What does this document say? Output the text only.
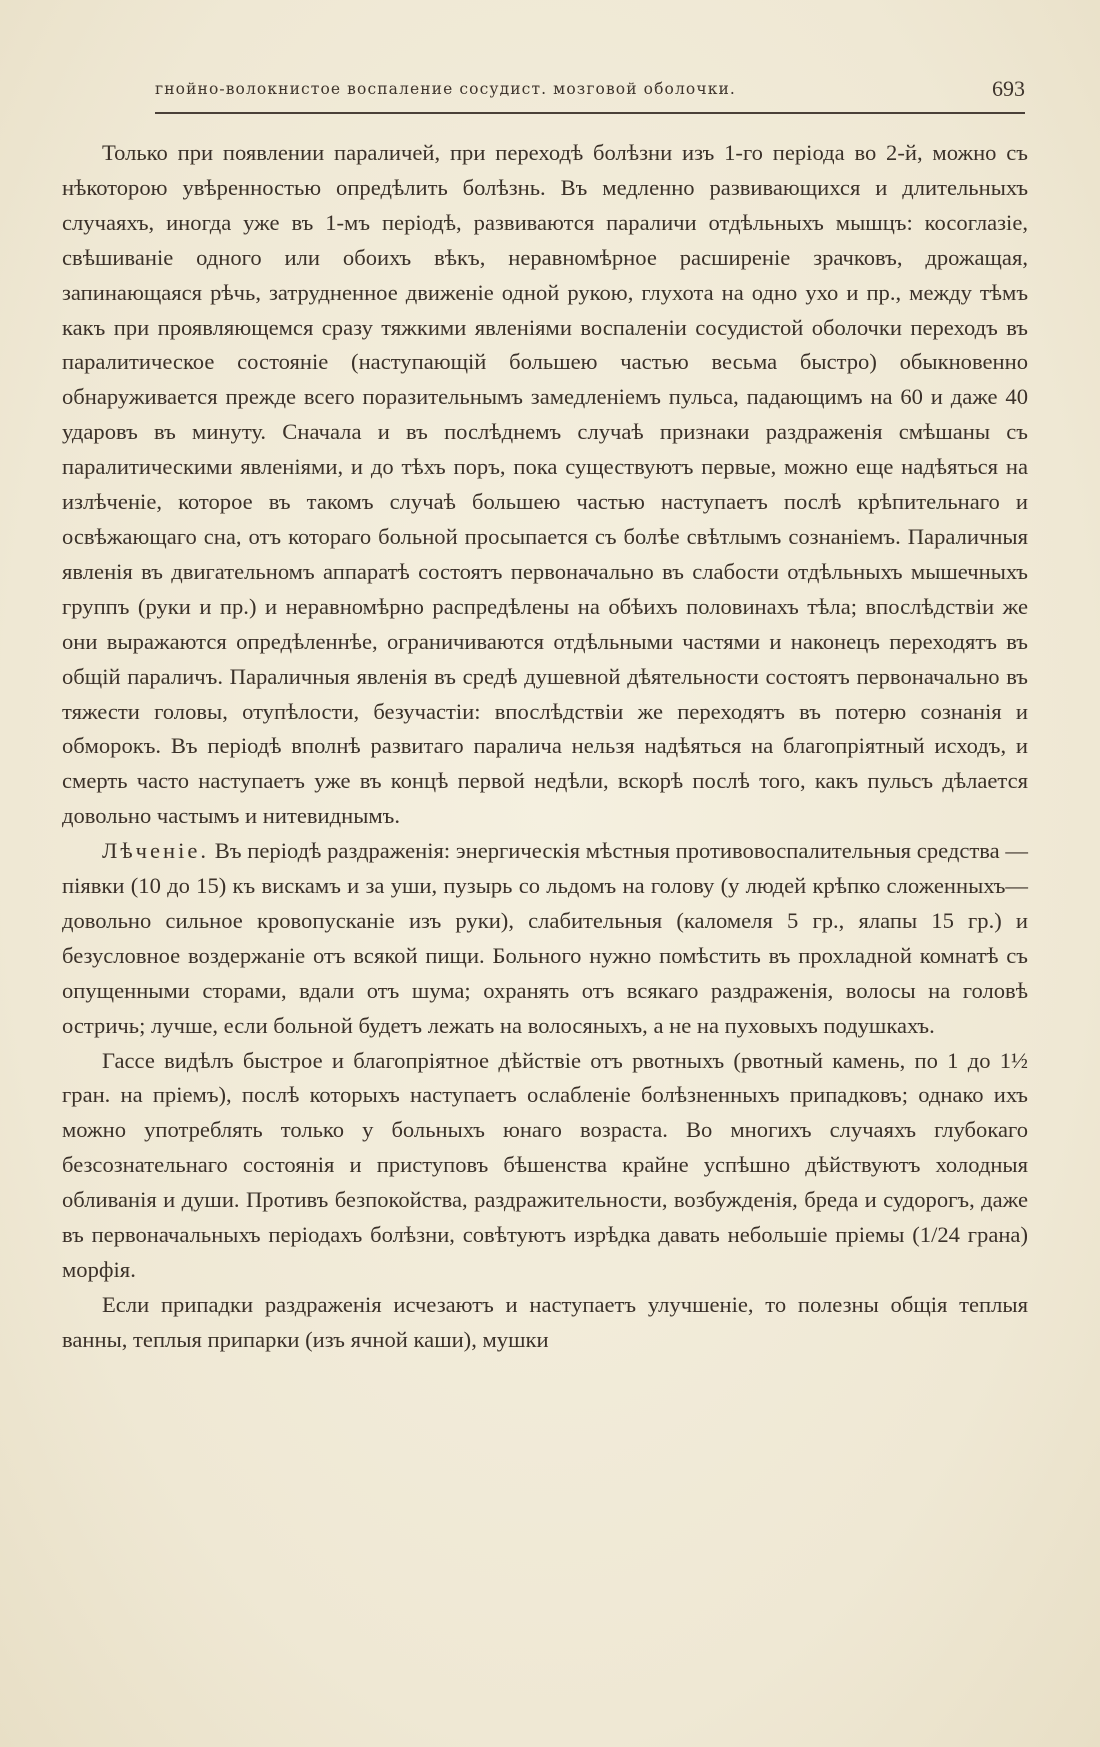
гнойно-волокнистое воспаление сосудист. мозговой оболочки.	693

Только при появлении параличей, при переходѣ болѣзни изъ 1-го періода во 2-й, можно съ нѣкоторою увѣренностью опредѣлить болѣзнь. Въ медленно развивающихся и длительныхъ случаяхъ, иногда уже въ 1-мъ періодѣ, развиваются параличи отдѣльныхъ мышцъ: косоглазіе, свѣшиваніе одного или обоихъ вѣкъ, неравномѣрное расширеніе зрачковъ, дрожащая, запинающаяся рѣчь, затрудненное движеніе одной рукою, глухота на одно ухо и пр., между тѣмъ какъ при проявляющемся сразу тяжкими явленіями воспаленіи сосудистой оболочки переходъ въ паралитическое состояніе (наступающій большею частью весьма быстро) обыкновенно обнаруживается прежде всего поразительнымъ замедленіемъ пульса, падающимъ на 60 и даже 40 ударовъ въ минуту. Сначала и въ послѣднемъ случаѣ признаки раздраженія смѣшаны съ паралитическими явленіями, и до тѣхъ поръ, пока существуютъ первые, можно еще надѣяться на излѣченіе, которое въ такомъ случаѣ большею частью наступаетъ послѣ крѣпительнаго и освѣжающаго сна, отъ котораго больной просыпается съ болѣе свѣтлымъ сознаніемъ. Параличныя явленія въ двигательномъ аппаратѣ состоятъ первоначально въ слабости отдѣльныхъ мышечныхъ группъ (руки и пр.) и неравномѣрно распредѣлены на обѣихъ половинахъ тѣла; впослѣдствіи же они выражаются опредѣленнѣе, ограничиваются отдѣльными частями и наконецъ переходятъ въ общій параличъ. Параличныя явленія въ средѣ душевной дѣятельности состоятъ первоначально въ тяжести головы, отупѣлости, безучастіи: впослѣдствіи же переходятъ въ потерю сознанія и обморокъ. Въ періодѣ вполнѣ развитаго паралича нельзя надѣяться на благопріятный исходъ, и смерть часто наступаетъ уже въ концѣ первой недѣли, вскорѣ послѣ того, какъ пульсъ дѣлается довольно частымъ и нитевиднымъ.

Лѣченіе. Въ періодѣ раздраженія: энергическія мѣстныя противовоспалительныя средства — піявки (10 до 15) къ вискамъ и за уши, пузырь со льдомъ на голову (у людей крѣпко сложенныхъ—довольно сильное кровопусканіе изъ руки), слабительныя (каломеля 5 гр., ялапы 15 гр.) и безусловное воздержаніе отъ всякой пищи. Больного нужно помѣстить въ прохладной комнатѣ съ опущенными сторами, вдали отъ шума; охранять отъ всякаго раздраженія, волосы на головѣ остричь; лучше, если больной будетъ лежать на волосяныхъ, а не на пуховыхъ подушкахъ.

Гассе видѣлъ быстрое и благопріятное дѣйствіе отъ рвотныхъ (рвотный камень, по 1 до 1½ гран. на пріемъ), послѣ которыхъ наступаетъ ослабленіе болѣзненныхъ припадковъ; однако ихъ можно употреблять только у больныхъ юнаго возраста. Во многихъ случаяхъ глубокаго безсознательнаго состоянія и приступовъ бѣшенства крайне успѣшно дѣйствуютъ холодныя обливанія и души. Противъ безпокойства, раздражительности, возбужденія, бреда и судорогъ, даже въ первоначальныхъ періодахъ болѣзни, совѣтуютъ изрѣдка давать небольшіе пріемы (1/24 грана) морфія.

Если припадки раздраженія исчезаютъ и наступаетъ улучшеніе, то полезны общія теплыя ванны, теплыя припарки (изъ ячной каши), мушки
